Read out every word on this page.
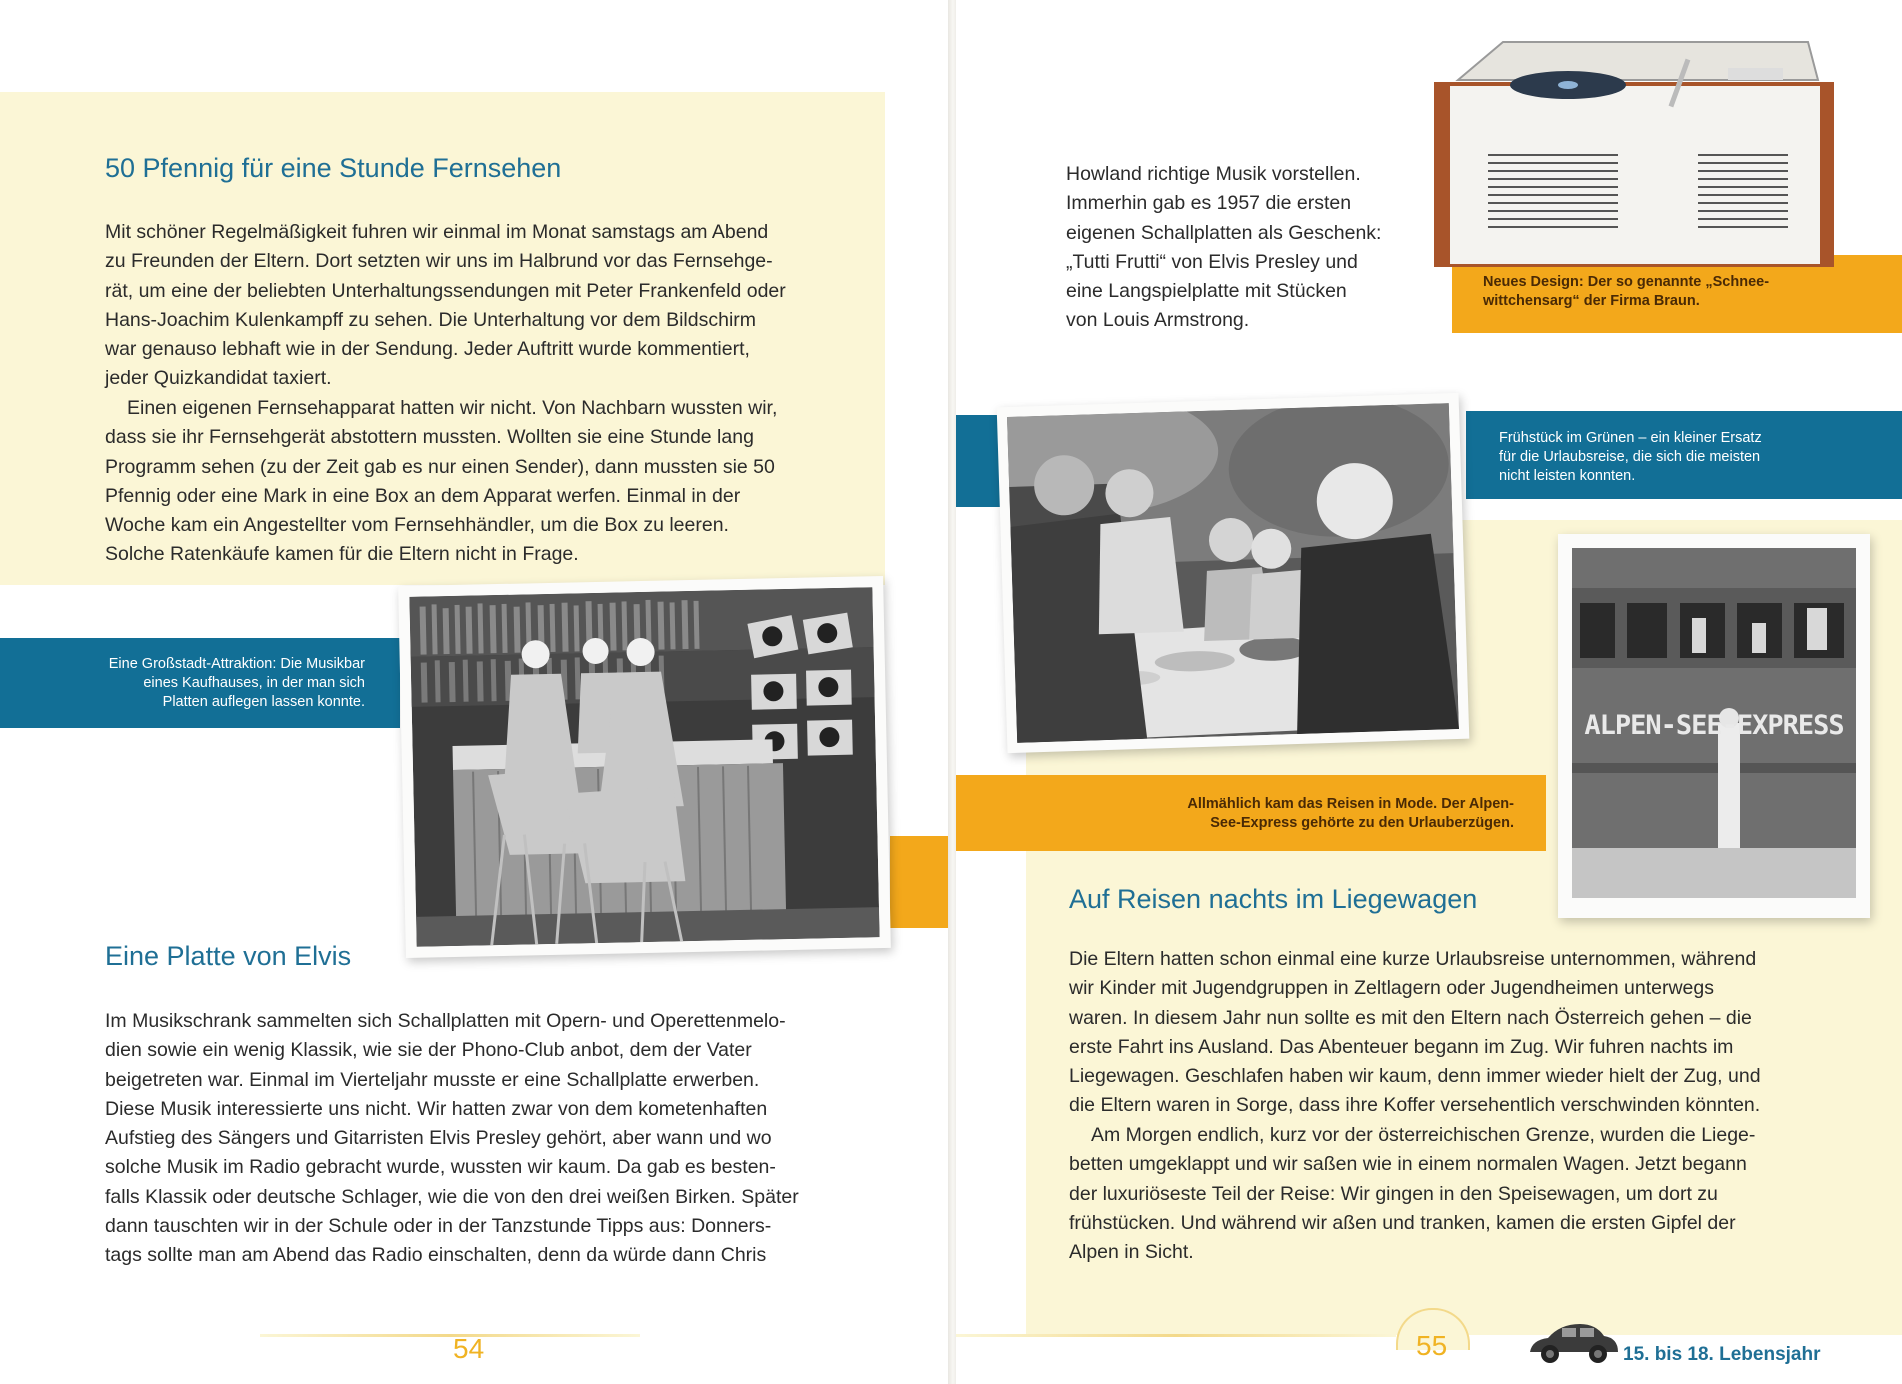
50 Pfennig für eine Stunde Fernsehen
Mit schöner Regelmäßigkeit fuhren wir einmal im Monat samstags am Abend
zu Freunden der Eltern. Dort setzten wir uns im Halbrund vor das Fernsehge-
rät, um eine der beliebten Unterhaltungssendungen mit Peter Frankenfeld oder
Hans-Joachim Kulenkampff zu sehen. Die Unterhaltung vor dem Bildschirm
war genauso lebhaft wie in der Sendung. Jeder Auftritt wurde kommentiert,
jeder Quizkandidat taxiert.
Einen eigenen Fernsehapparat hatten wir nicht. Von Nachbarn wussten wir,
dass sie ihr Fernsehgerät abstottern mussten. Wollten sie eine Stunde lang
Programm sehen (zu der Zeit gab es nur einen Sender), dann mussten sie 50
Pfennig oder eine Mark in eine Box an dem Apparat werfen. Einmal in der
Woche kam ein Angestellter vom Fernsehhändler, um die Box zu leeren.
Solche Ratenkäufe kamen für die Eltern nicht in Frage.
Eine Großstadt-Attraktion: Die Musikbar
eines Kaufhauses, in der man sich
Platten auflegen lassen konnte.
Eine Platte von Elvis
Im Musikschrank sammelten sich Schallplatten mit Opern- und Operettenmelo-
dien sowie ein wenig Klassik, wie sie der Phono-Club anbot, dem der Vater
beigetreten war. Einmal im Vierteljahr musste er eine Schallplatte erwerben.
Diese Musik interessierte uns nicht. Wir hatten zwar von dem kometenhaften
Aufstieg des Sängers und Gitarristen Elvis Presley gehört, aber wann und wo
solche Musik im Radio gebracht wurde, wussten wir kaum. Da gab es besten-
falls Klassik oder deutsche Schlager, wie die von den drei weißen Birken. Später
dann tauschten wir in der Schule oder in der Tanzstunde Tipps aus: Donners-
tags sollte man am Abend das Radio einschalten, denn da würde dann Chris
54
Howland richtige Musik vorstellen.
Immerhin gab es 1957 die ersten
eigenen Schallplatten als Geschenk:
„Tutti Frutti“ von Elvis Presley und
eine Langspielplatte mit Stücken
von Louis Armstrong.
Neues Design: Der so genannte „Schnee-
wittchensarg“ der Firma Braun.
Frühstück im Grünen – ein kleiner Ersatz
für die Urlaubsreise, die sich die meisten
nicht leisten konnten.
Allmählich kam das Reisen in Mode. Der Alpen-
See-Express gehörte zu den Urlauberzügen.
ALPEN-SEE-EXPRESS
Auf Reisen nachts im Liegewagen
Die Eltern hatten schon einmal eine kurze Urlaubsreise unternommen, während
wir Kinder mit Jugendgruppen in Zeltlagern oder Jugendheimen unterwegs
waren. In diesem Jahr nun sollte es mit den Eltern nach Österreich gehen – die
erste Fahrt ins Ausland. Das Abenteuer begann im Zug. Wir fuhren nachts im
Liegewagen. Geschlafen haben wir kaum, denn immer wieder hielt der Zug, und
die Eltern waren in Sorge, dass ihre Koffer versehentlich verschwinden könnten.
Am Morgen endlich, kurz vor der österreichischen Grenze, wurden die Liege-
betten umgeklappt und wir saßen wie in einem normalen Wagen. Jetzt begann
der luxuriöseste Teil der Reise: Wir gingen in den Speisewagen, um dort zu
frühstücken. Und während wir aßen und tranken, kamen die ersten Gipfel der
Alpen in Sicht.
55	15. bis 18. Lebensjahr
